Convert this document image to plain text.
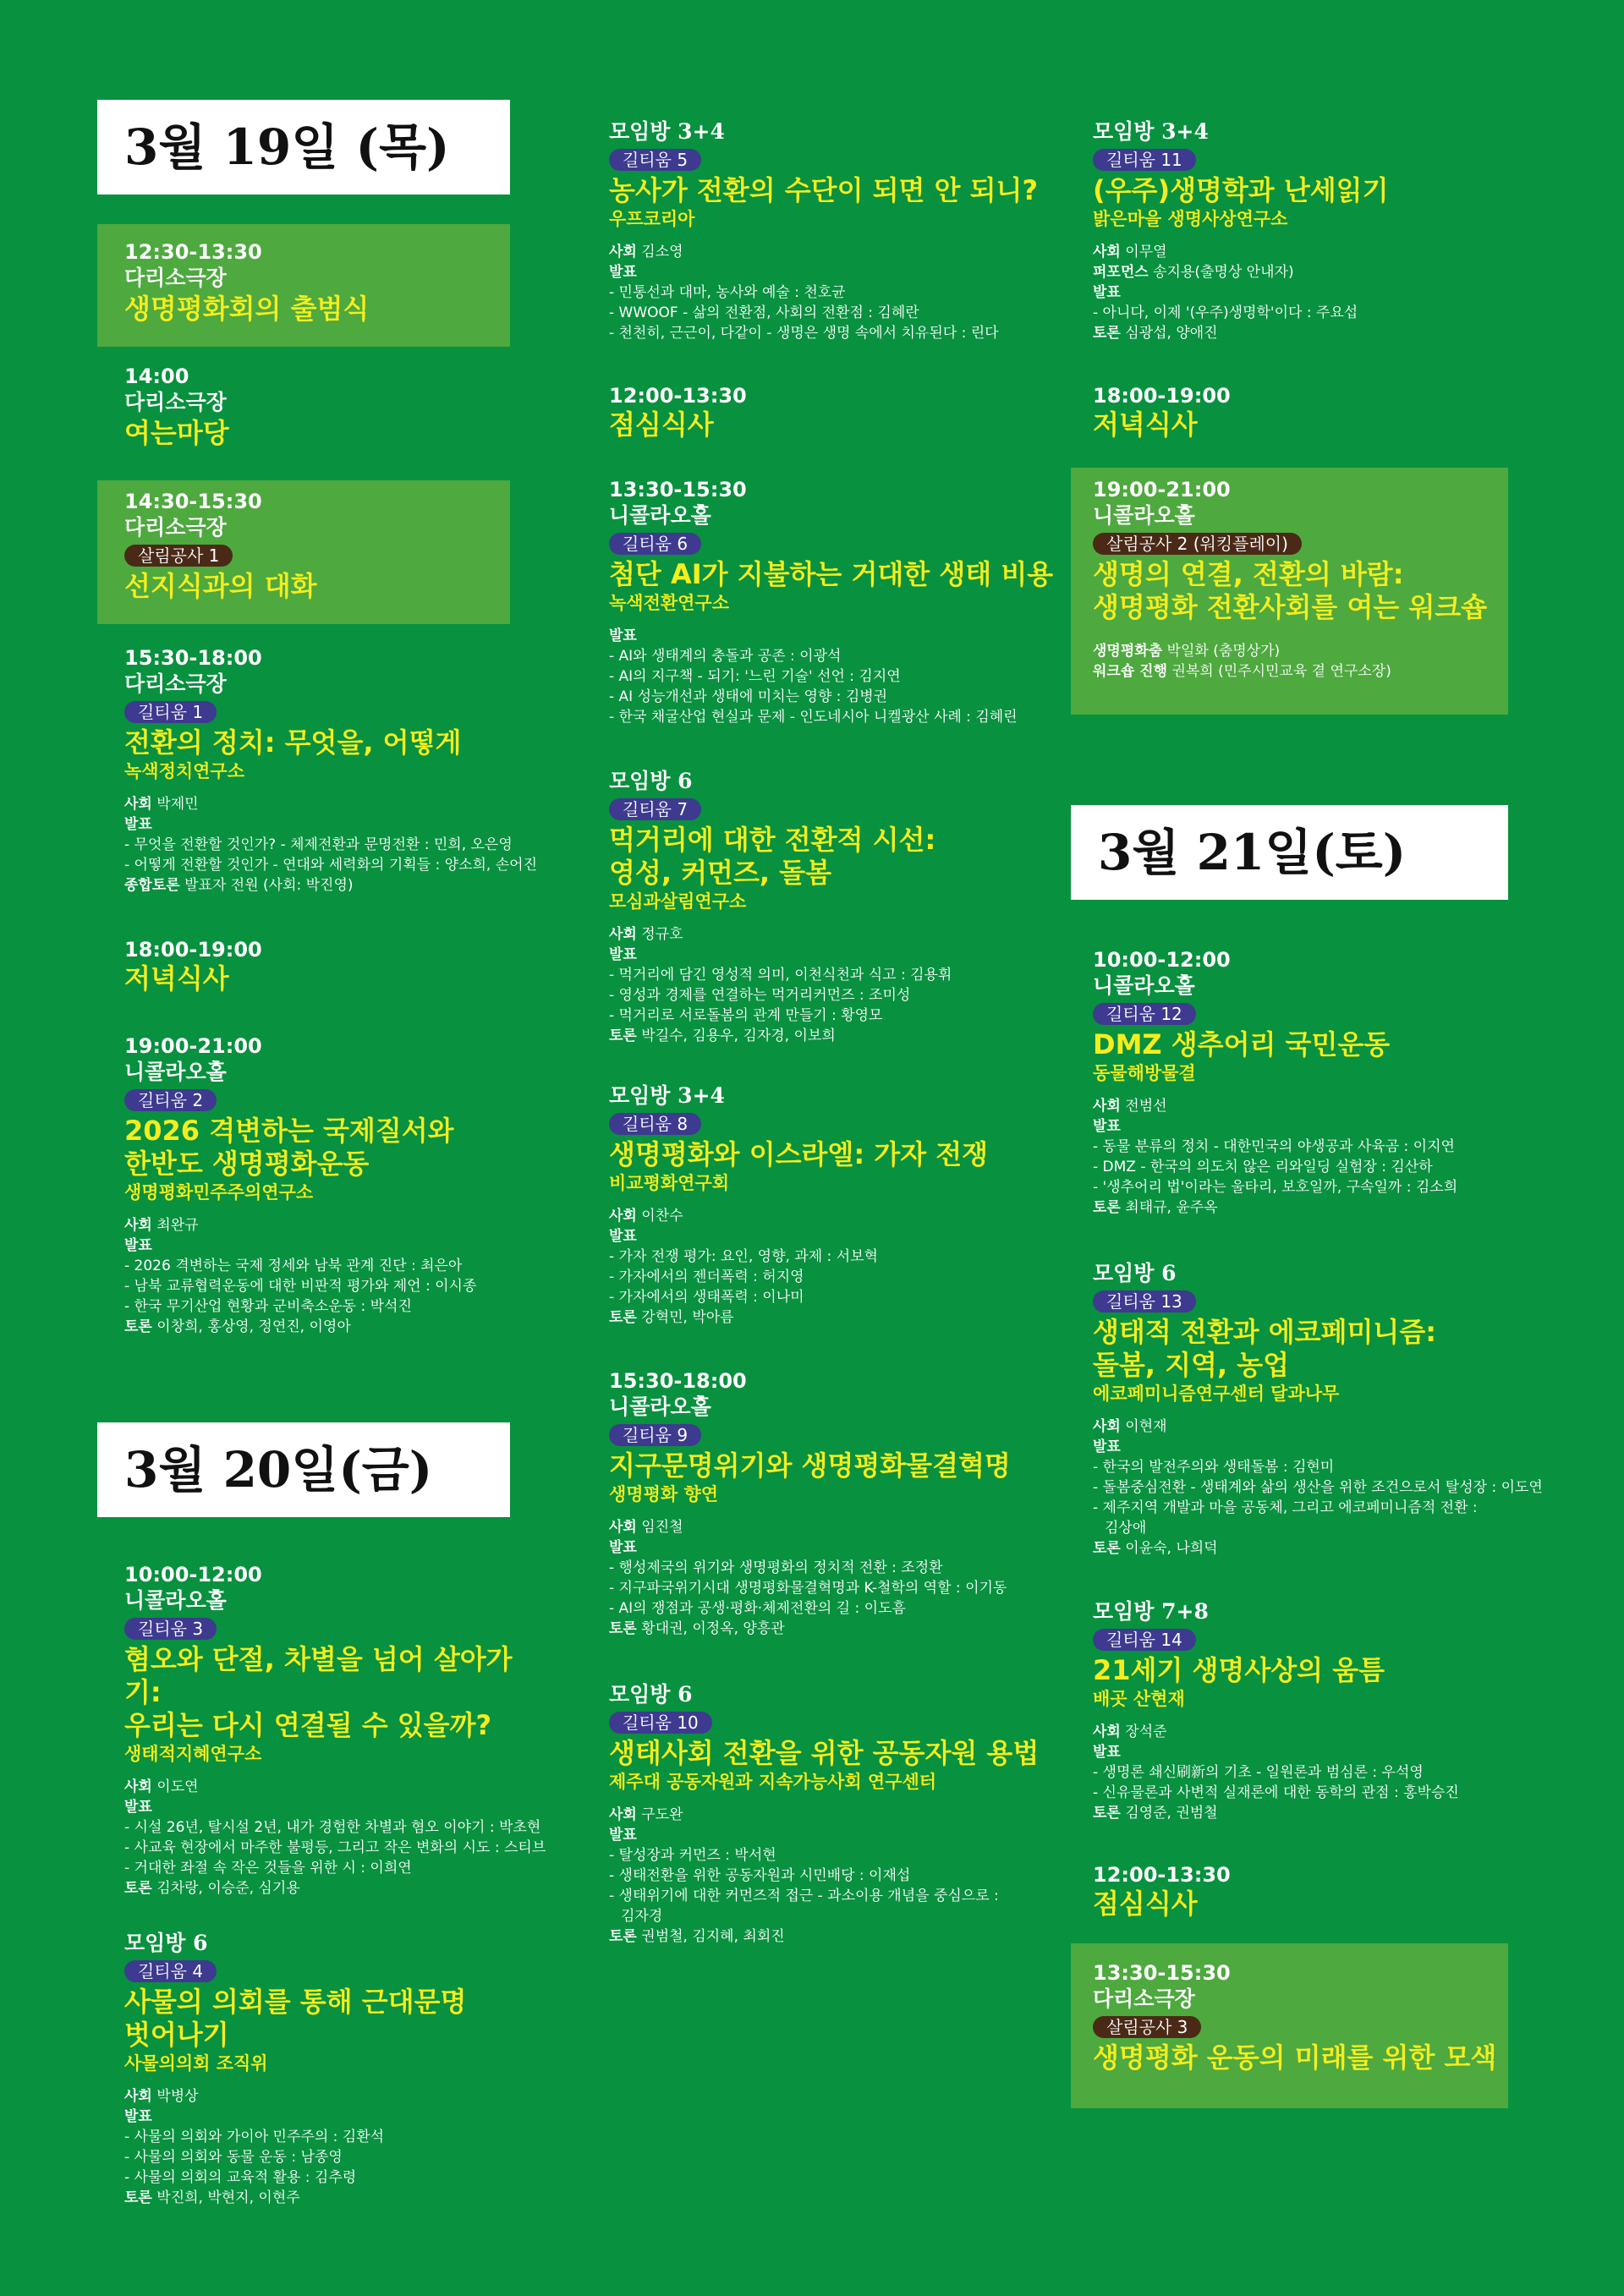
3월 19일 (목)
12:30-13:30
다리소극장
생명평화회의 출범식
14:00
다리소극장
여는마당
14:30-15:30
다리소극장
살림공사 1
선지식과의 대화
15:30-18:00
다리소극장
길티움 1
전환의 정치: 무엇을, 어떻게
녹색정치연구소
사회 박제민
발표
- 무엇을 전환할 것인가? - 체제전환과 문명전환 : 민희, 오은영
- 어떻게 전환할 것인가 - 연대와 세력화의 기획들 : 양소희, 손어진
종합토론 발표자 전원 (사회: 박진영)
18:00-19:00
저녁식사
19:00-21:00
니콜라오홀
길티움 2
2026 격변하는 국제질서와
한반도 생명평화운동
생명평화민주주의연구소
사회 최완규
발표
- 2026 격변하는 국제 정세와 남북 관계 진단 : 최은아
- 남북 교류협력운동에 대한 비판적 평가와 제언 : 이시종
- 한국 무기산업 현황과 군비축소운동 : 박석진
토론 이창희, 홍상영, 정연진, 이영아
3월 20일(금)
10:00-12:00
니콜라오홀
길티움 3
혐오와 단절, 차별을 넘어 살아가기:
우리는 다시 연결될 수 있을까?
생태적지혜연구소
사회 이도연
발표
- 시설 26년, 탈시설 2년, 내가 경험한 차별과 혐오 이야기 : 박초현
- 사교육 현장에서 마주한 불평등, 그리고 작은 변화의 시도 : 스티브
- 거대한 좌절 속 작은 것들을 위한 시 : 이희연
토론 김차랑, 이승준, 심기용
모임방 6
길티움 4
사물의 의회를 통해 근대문명
벗어나기
사물의의회 조직위
사회 박병상
발표
- 사물의 의회와 가이아 민주주의 : 김환석
- 사물의 의회와 동물 운동 : 남종영
- 사물의 의회의 교육적 활용 : 김추령
토론 박진희, 박현지, 이현주
모임방 3+4
길티움 5
농사가 전환의 수단이 되면 안 되니?
우프코리아
사회 김소영
발표
- 민통선과 대마, 농사와 예술 : 천호균
- WWOOF - 삶의 전환점, 사회의 전환점 : 김혜란
- 천천히, 근근이, 다같이 - 생명은 생명 속에서 치유된다 : 린다
12:00-13:30
점심식사
13:30-15:30
니콜라오홀
길티움 6
첨단 AI가 지불하는 거대한 생태 비용
녹색전환연구소
발표
- AI와 생태계의 충돌과 공존 : 이광석
- AI의 지구책 - 되기: '느린 기술' 선언 : 김지연
- AI 성능개선과 생태에 미치는 영향 : 김병권
- 한국 채굴산업 현실과 문제 - 인도네시아 니켈광산 사례 : 김혜린
모임방 6
길티움 7
먹거리에 대한 전환적 시선:
영성, 커먼즈, 돌봄
모심과살림연구소
사회 정규호
발표
- 먹거리에 담긴 영성적 의미, 이천식천과 식고 : 김용휘
- 영성과 경제를 연결하는 먹거리커먼즈 : 조미성
- 먹거리로 서로돌봄의 관계 만들기 : 황영모
토론 박길수, 김용우, 김자경, 이보희
모임방 3+4
길티움 8
생명평화와 이스라엘: 가자 전쟁
비교평화연구회
사회 이찬수
발표
- 가자 전쟁 평가: 요인, 영향, 과제 : 서보혁
- 가자에서의 젠더폭력 : 허지영
- 가자에서의 생태폭력 : 이나미
토론 강혁민, 박아름
15:30-18:00
니콜라오홀
길티움 9
지구문명위기와 생명평화물결혁명
생명평화 향연
사회 임진철
발표
- 행성제국의 위기와 생명평화의 정치적 전환 : 조정환
- 지구파국위기시대 생명평화물결혁명과 K-철학의 역할 : 이기동
- AI의 쟁점과 공생·평화·체제전환의 길 : 이도흠
토론 황대권, 이정옥, 양흥관
모임방 6
길티움 10
생태사회 전환을 위한 공동자원 용법
제주대 공동자원과 지속가능사회 연구센터
사회 구도완
발표
- 탈성장과 커먼즈 : 박서현
- 생태전환을 위한 공동자원과 시민배당 : 이재섭
- 생태위기에 대한 커먼즈적 접근 - 과소이용 개념을 중심으로 :
김자경
토론 권범철, 김지혜, 최회진
모임방 3+4
길티움 11
(우주)생명학과 난세읽기
밝은마을 생명사상연구소
사회 이무열
퍼포먼스 송지용(출명상 안내자)
발표
- 아니다, 이제 '(우주)생명학'이다 : 주요섭
토론 심광섭, 양애진
18:00-19:00
저녁식사
19:00-21:00
니콜라오홀
살림공사 2 (워킹플레이)
생명의 연결, 전환의 바람:
생명평화 전환사회를 여는 워크숍
생명평화춤 박일화 (춤명상가)
워크숍 진행 권복희 (민주시민교육 곁 연구소장)
3월 21일(토)
10:00-12:00
니콜라오홀
길티움 12
DMZ 생추어리 국민운동
동물해방물결
사회 전범선
발표
- 동물 분류의 정치 - 대한민국의 야생공과 사육곰 : 이지연
- DMZ - 한국의 의도치 않은 리와일딩 실험장 : 김산하
- '생추어리 법'이라는 울타리, 보호일까, 구속일까 : 김소희
토론 최태규, 윤주옥
모임방 6
길티움 13
생태적 전환과 에코페미니즘:
돌봄, 지역, 농업
에코페미니즘연구센터 달과나무
사회 이현재
발표
- 한국의 발전주의와 생태돌봄 : 김현미
- 돌봄중심전환 - 생태계와 삶의 생산을 위한 조건으로서 탈성장 : 이도연
- 제주지역 개발과 마을 공동체, 그리고 에코페미니즘적 전환 :
김상애
토론 이윤숙, 나희덕
모임방 7+8
길티움 14
21세기 생명사상의 움틈
배곳 산현재
사회 장석준
발표
- 생명론 쇄신刷新의 기초 - 일원론과 범심론 : 우석영
- 신유물론과 사변적 실재론에 대한 동학의 관점 : 홍박승진
토론 김영준, 권범철
12:00-13:30
점심식사
13:30-15:30
다리소극장
살림공사 3
생명평화 운동의 미래를 위한 모색
